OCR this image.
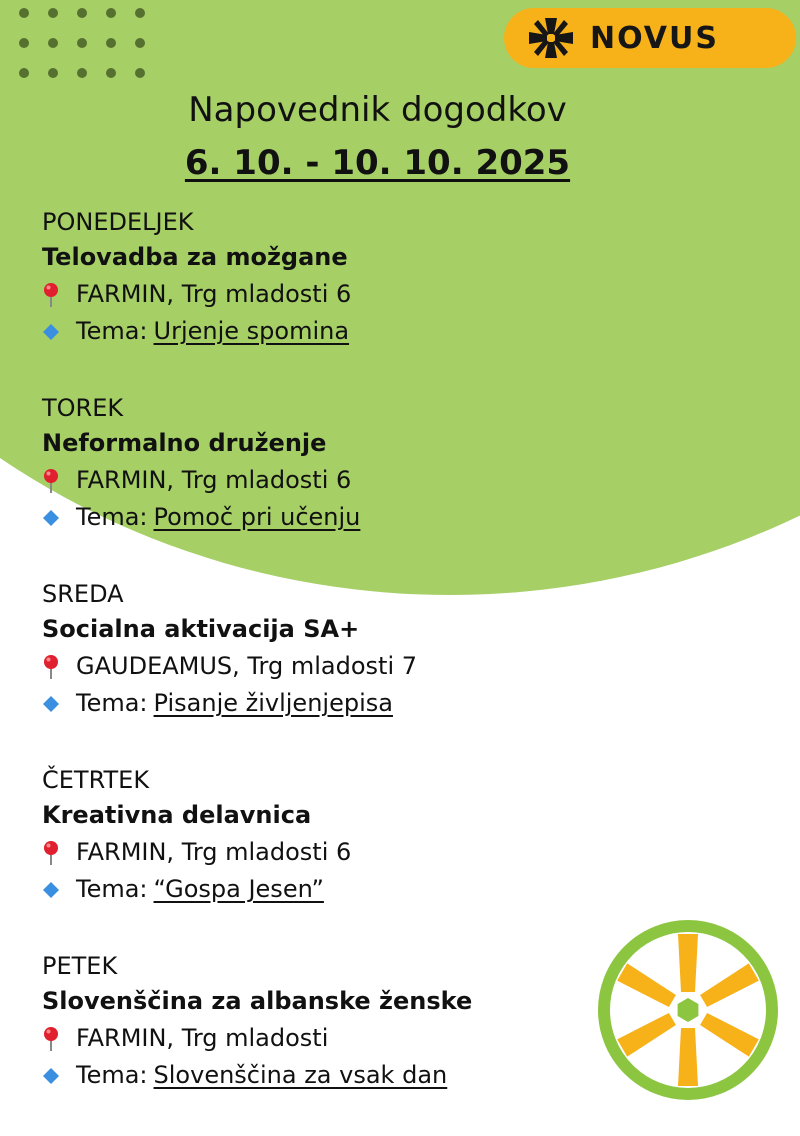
NOVUS
Napovednik dogodkov
6. 10. - 10. 10. 2025
PONEDELJEK
Telovadba za možgane
FARMIN, Trg mladosti 6
Tema: Urjenje spomina
TOREK
Neformalno druženje
FARMIN, Trg mladosti 6
Tema: Pomoč pri učenju
SREDA
Socialna aktivacija SA+
GAUDEAMUS, Trg mladosti 7
Tema: Pisanje življenjepisa
ČETRTEK
Kreativna delavnica
FARMIN, Trg mladosti 6
Tema: “Gospa Jesen”
PETEK
Slovenščina za albanske ženske
FARMIN, Trg mladosti
Tema: Slovenščina za vsak dan
